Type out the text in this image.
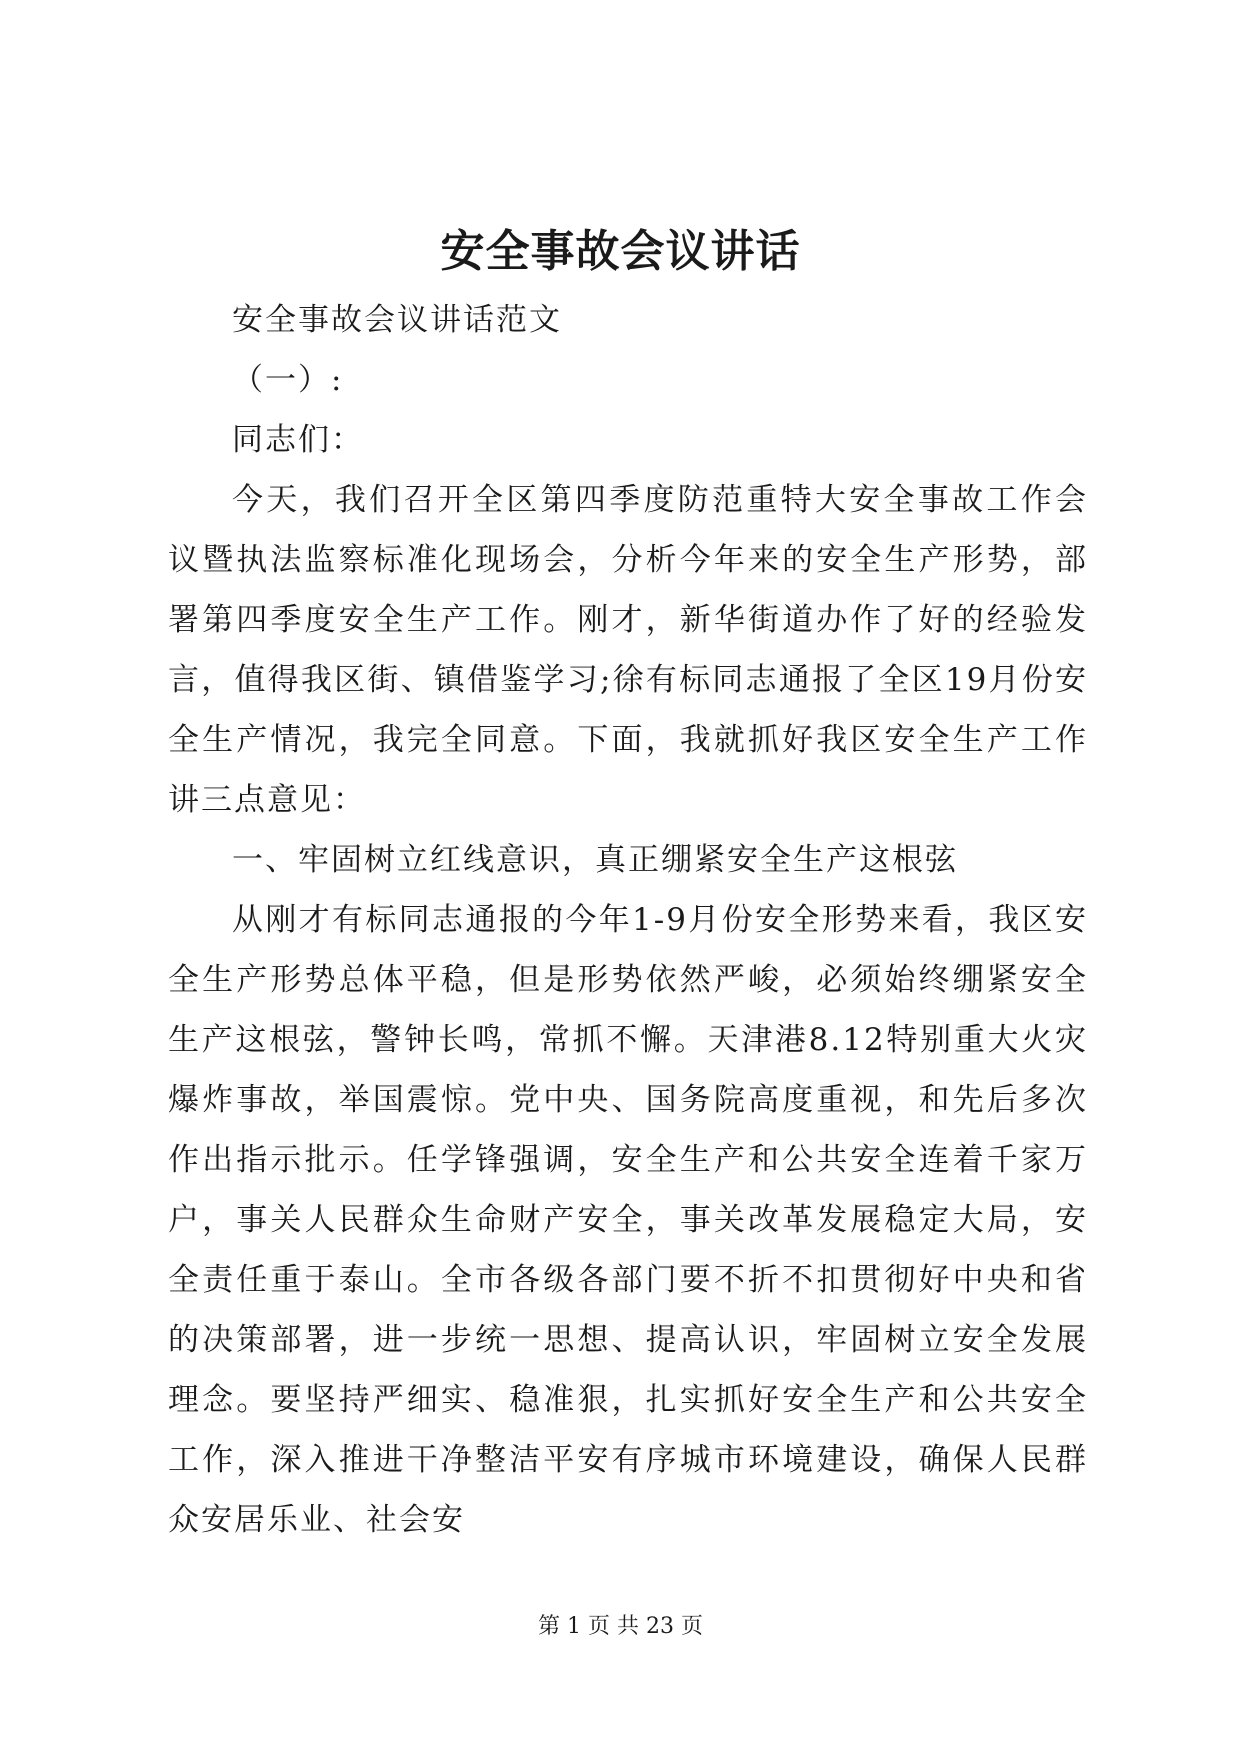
安全事故会议讲话

安全事故会议讲话范文

（一）:

同志们：

今天，我们召开全区第四季度防范重特大安全事故工作会议暨执法监察标准化现场会，分析今年来的安全生产形势，部署第四季度安全生产工作。刚才，新华街道办作了好的经验发言，值得我区街、镇借鉴学习;徐有标同志通报了全区19月份安全生产情况，我完全同意。下面，我就抓好我区安全生产工作讲三点意见：

一、牢固树立红线意识，真正绷紧安全生产这根弦

从刚才有标同志通报的今年1-9月份安全形势来看，我区安全生产形势总体平稳，但是形势依然严峻，必须始终绷紧安全生产这根弦，警钟长鸣，常抓不懈。天津港8.12特别重大火灾爆炸事故，举国震惊。党中央、国务院高度重视，和先后多次作出指示批示。任学锋强调，安全生产和公共安全连着千家万户，事关人民群众生命财产安全，事关改革发展稳定大局，安全责任重于泰山。全市各级各部门要不折不扣贯彻好中央和省的决策部署，进一步统一思想、提高认识，牢固树立安全发展理念。要坚持严细实、稳准狠，扎实抓好安全生产和公共安全工作，深入推进干净整洁平安有序城市环境建设，确保人民群众安居乐业、社会安

第 1 页 共 23 页
